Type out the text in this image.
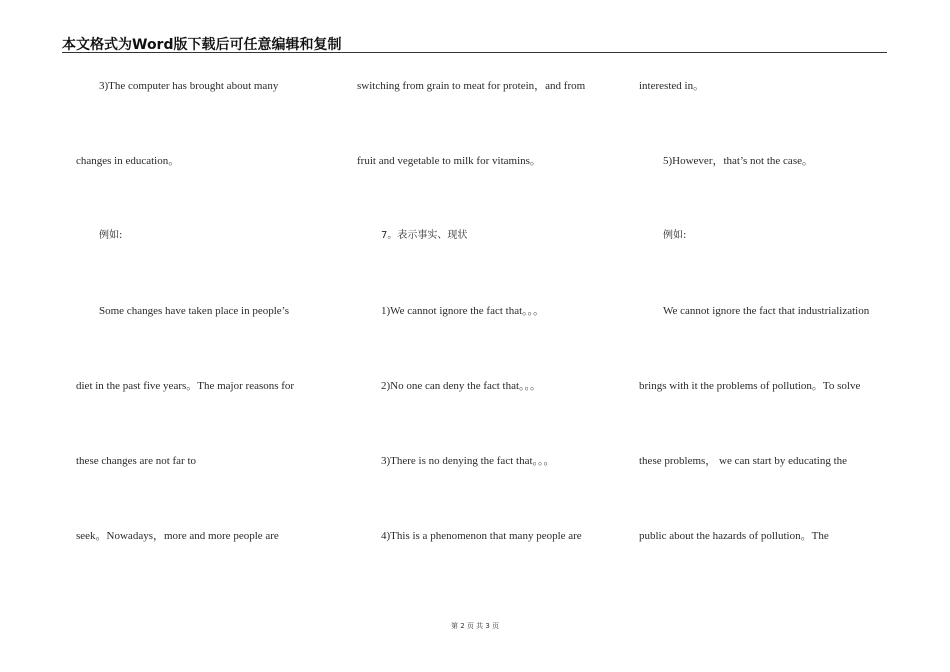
本文格式为Word版下载后可任意编辑和复制
3)The computer has brought about many
changes in education。
例如:
Some changes have taken place in people’s
diet in the past five years。The major reasons for
these changes are not far to
seek。Nowadays，more and more people are
switching from grain to meat for protein，and from
fruit and vegetable to milk for vitamins。
7。表示事实、现状
1)We cannot ignore the fact that。。。
2)No one can deny the fact that。。。
3)There is no denying the fact that。。。
4)This is a phenomenon that many people are
interested in。
5)However，that’s not the case。
例如:
We cannot ignore the fact that industrialization
brings with it the problems of pollution。To solve
these problems， we can start by educating the
public about the hazards of pollution。The
第 2 页 共 3 页
